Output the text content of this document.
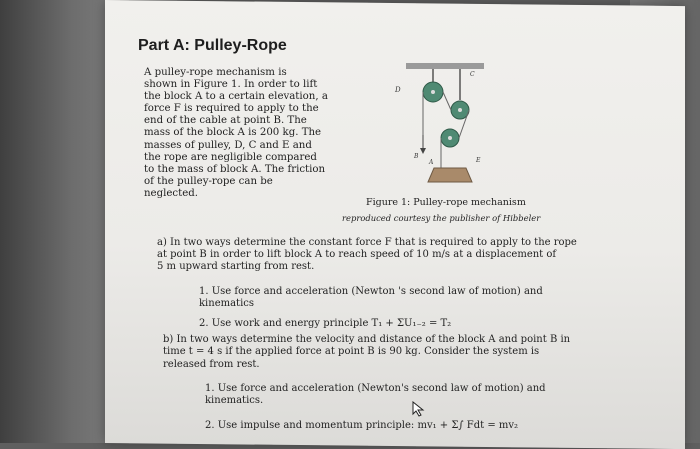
Part A: Pulley-Rope
A pulley-rope mechanism is
shown in Figure 1. In order to lift
the block A to a certain elevation, a
force F is required to apply to the
end of the cable at point B. The
mass of the block A is 200 kg. The
masses of pulley, D, C and E and
the rope are negligible compared
to the mass of block A. The friction
of the pulley-rope can be
neglected.
D
B
A	E
C
Figure 1: Pulley-rope mechanism
reproduced courtesy the publisher of Hibbeler
a) In two ways determine the constant force F that is required to apply to the rope
at point B in order to lift block A to reach speed of 10 m/s at a displacement of
5 m upward starting from rest.
1. Use force and acceleration (Newton 's second law of motion) and
kinematics
2. Use work and energy principle T₁ + ΣU₁₋₂ = T₂
b) In two ways determine the velocity and distance of the block A and point B in
time t = 4 s if the applied force at point B is 90 kg. Consider the system is
released from rest.
1. Use force and acceleration (Newton's second law of motion) and
kinematics.
2. Use impulse and momentum principle: mv₁ + Σ∫ Fdt = mv₂
